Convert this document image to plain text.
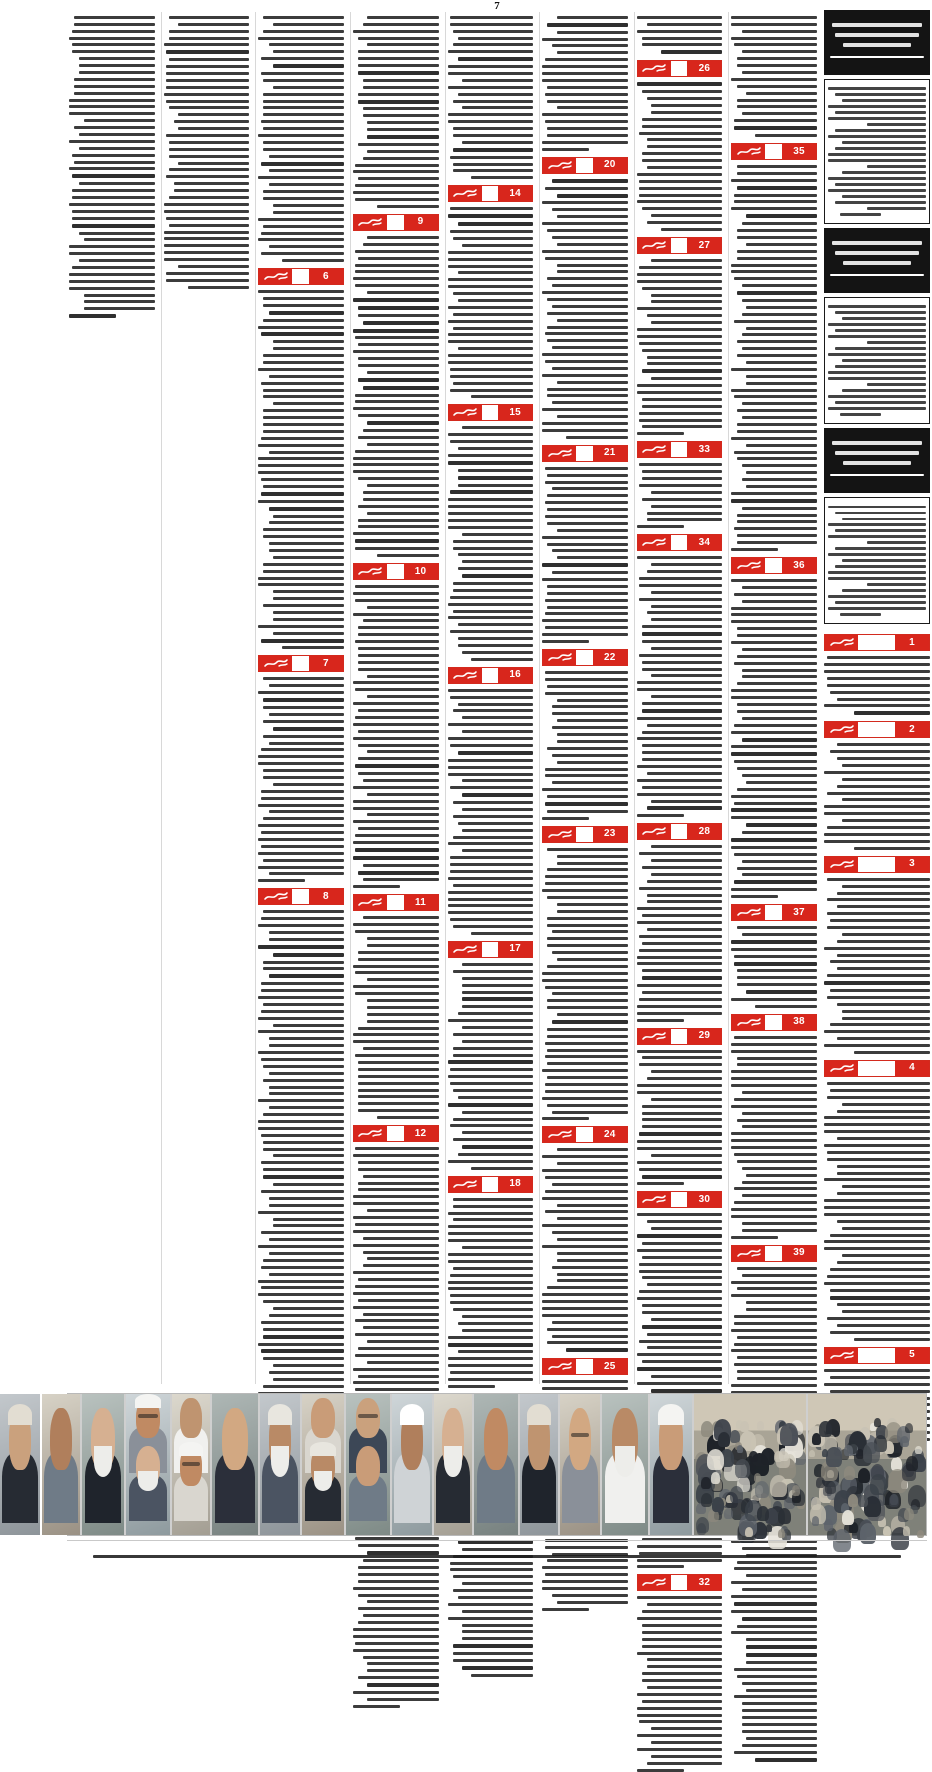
7
6
7
8
9
10
11
12
14
15
16
17
18
20
21
22
23
24
25
26
27
33
34
28
29
30
32
35
36
37
38
39
1
2
3
4
5
